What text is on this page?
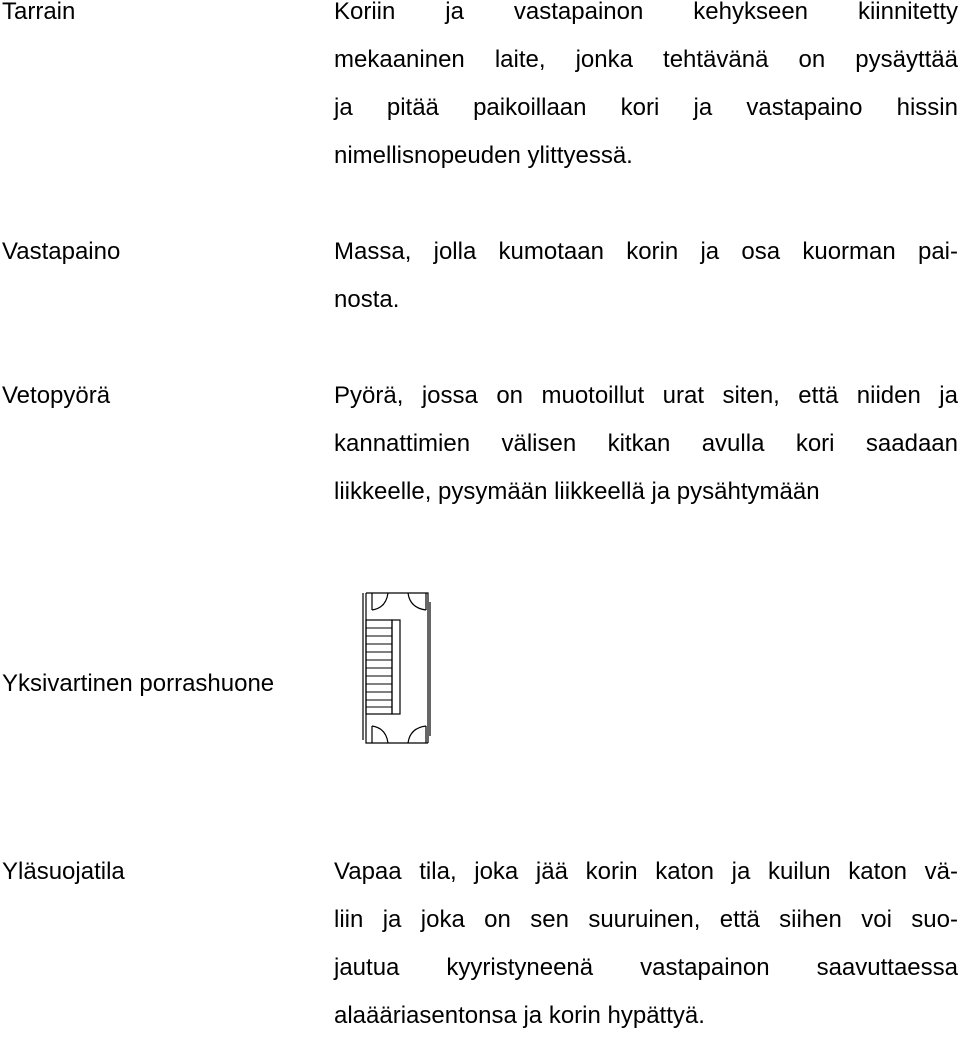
Tarrain	Koriin ja vastapainon kehykseen kiinnitetty
mekaaninen laite, jonka tehtävänä on pysäyttää
ja pitää paikoillaan kori ja vastapaino hissin
nimellisnopeuden ylittyessä.
Vastapaino	Massa, jolla kumotaan korin ja osa kuorman pai-
nosta.
Vetopyörä	Pyörä, jossa on muotoillut urat siten, että niiden ja
kannattimien välisen kitkan avulla kori saadaan
liikkeelle, pysymään liikkeellä ja pysähtymään
Yksivartinen porrashuone
Yläsuojatila	Vapaa tila, joka jää korin katon ja kuilun katon vä-
liin ja joka on sen suuruinen, että siihen voi suo-
jautua kyyristyneenä vastapainon saavuttaessa
alaääriasentonsa ja korin hypättyä.
